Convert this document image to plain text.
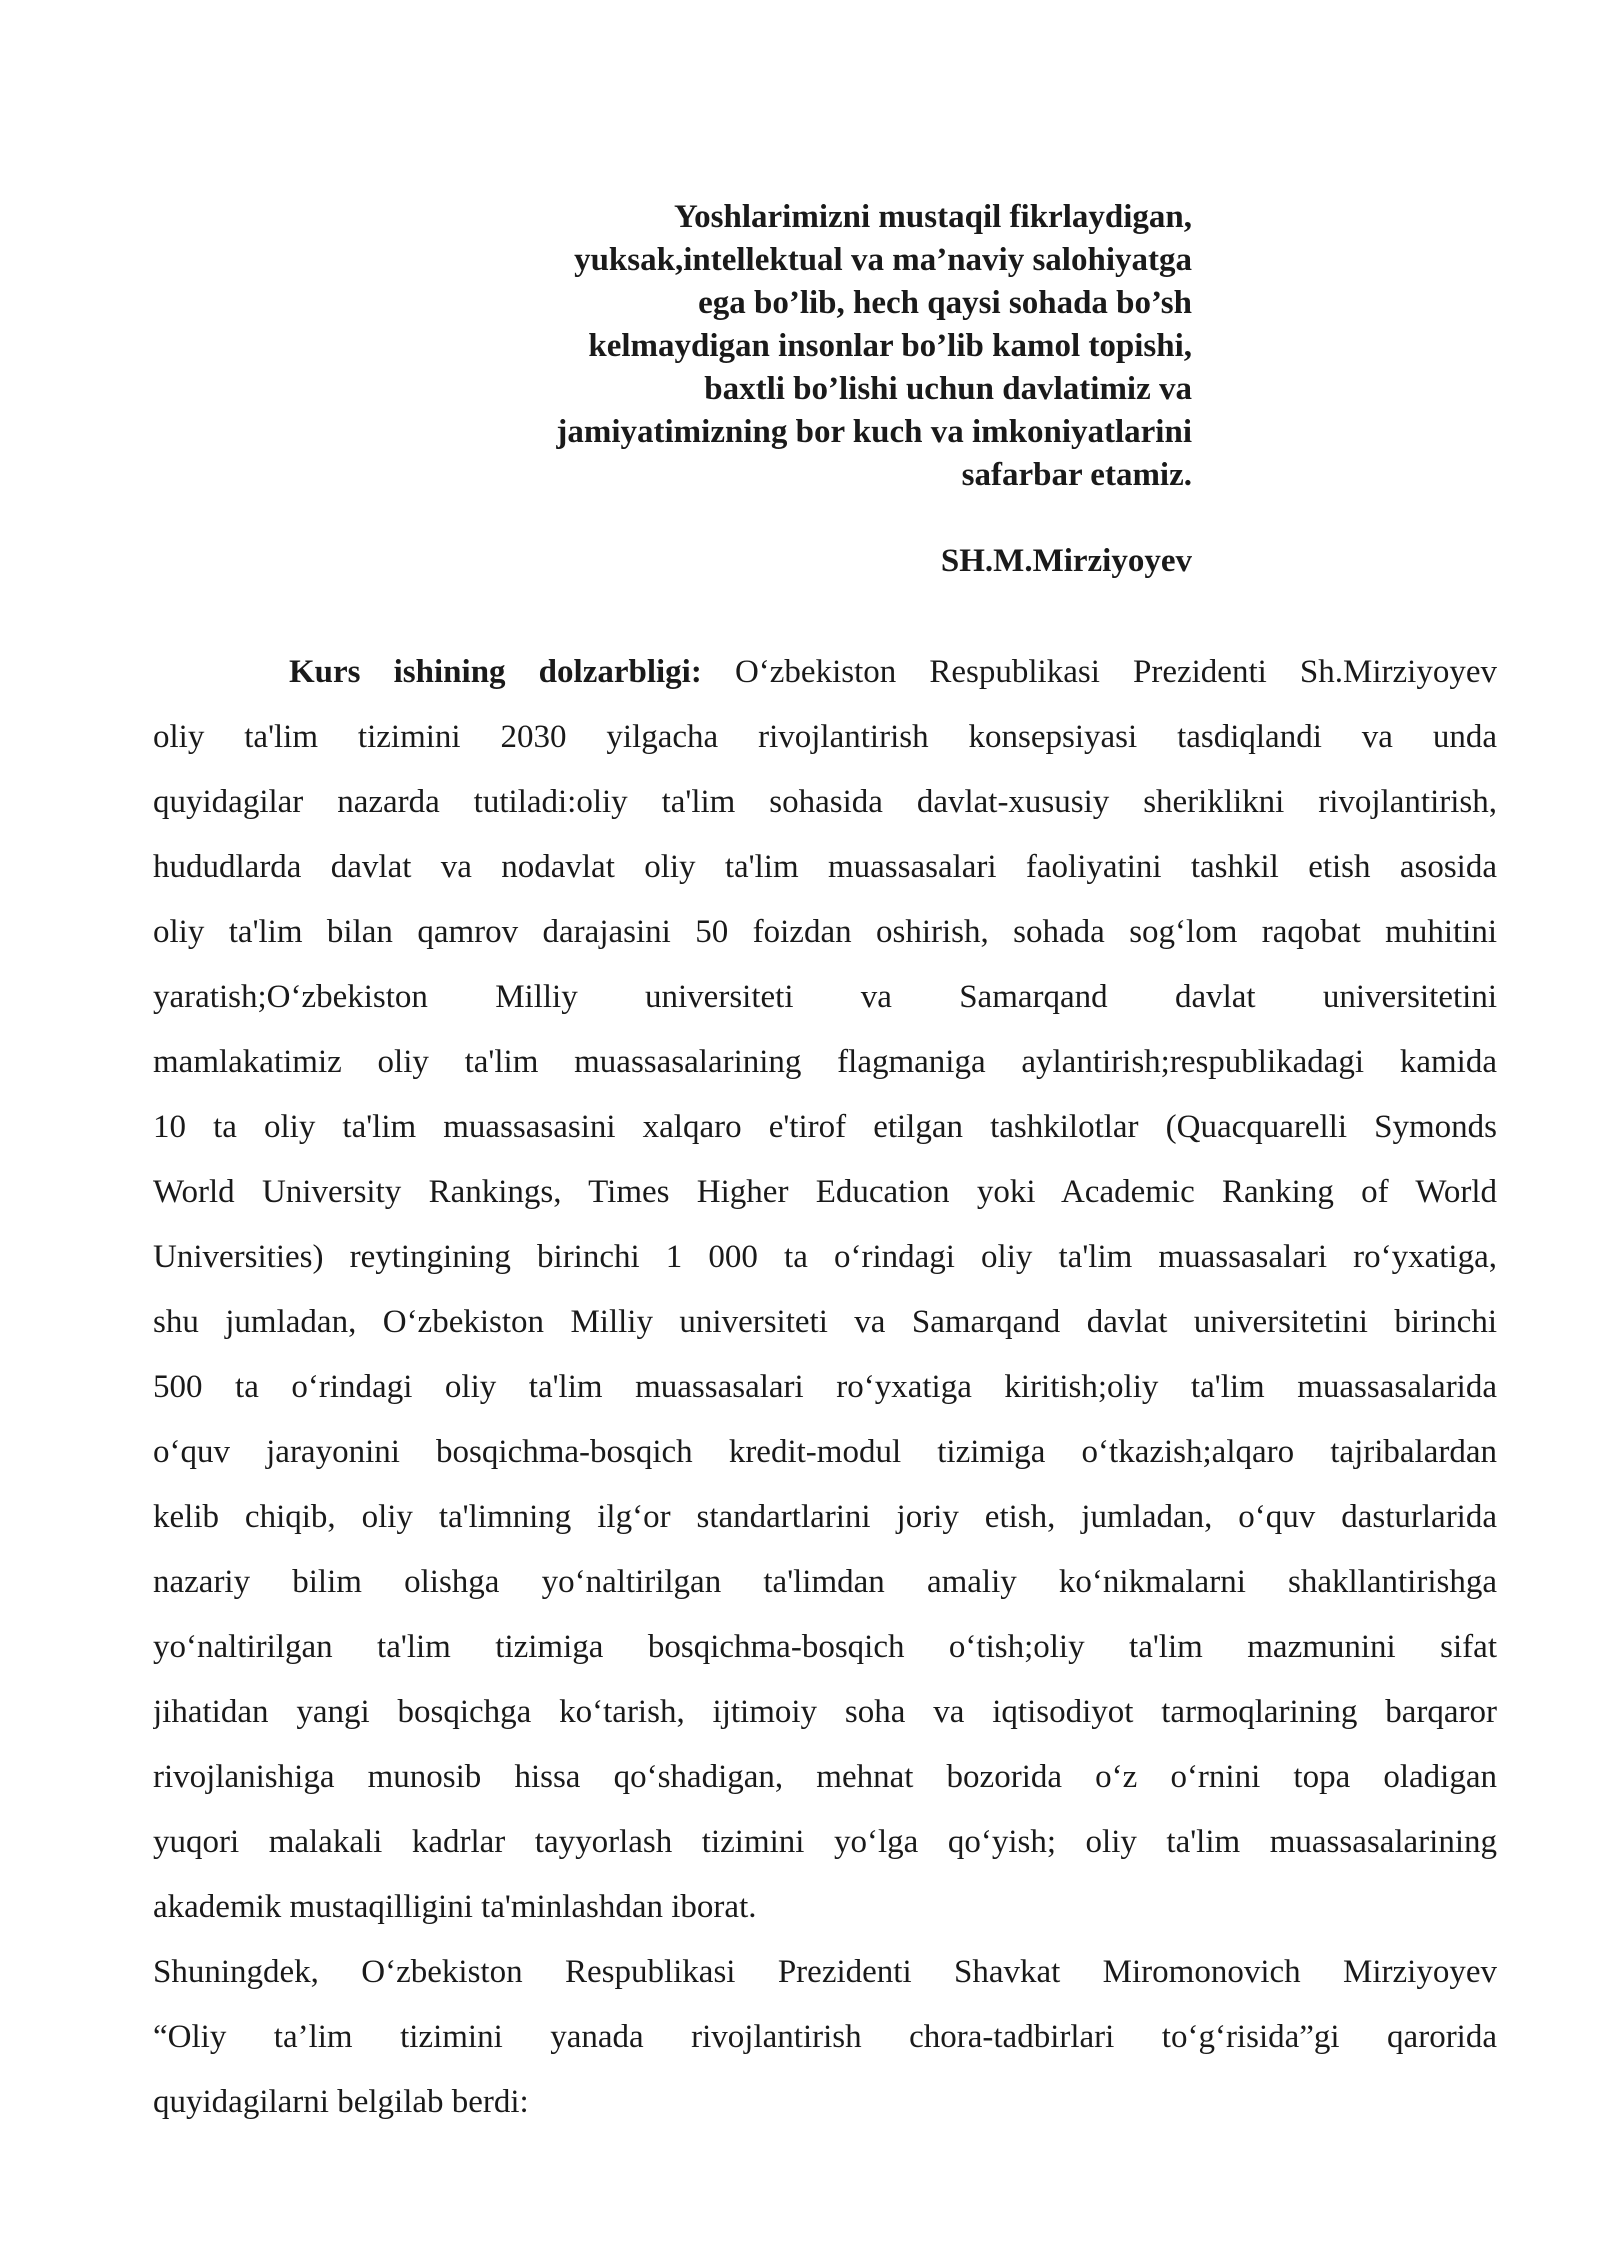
Yoshlarimizni mustaqil fikrlaydigan,
yuksak,intellektual va ma’naviy salohiyatga
ega bo’lib, hech qaysi sohada bo’sh
kelmaydigan insonlar bo’lib kamol topishi,
baxtli bo’lishi uchun davlatimiz va
jamiyatimizning bor kuch va imkoniyatlarini
safarbar etamiz.
SH.M.Mirziyoyev
Kurs ishining dolzarbligi: O‘zbekiston Respublikasi Prezidenti Sh.Mirziyoyev
oliy ta'lim tizimini 2030 yilgacha rivojlantirish konsepsiyasi tasdiqlandi va unda
quyidagilar nazarda tutiladi:oliy ta'lim sohasida davlat-xususiy sheriklikni rivojlantirish,
hududlarda davlat va nodavlat oliy ta'lim muassasalari faoliyatini tashkil etish asosida
oliy ta'lim bilan qamrov darajasini 50 foizdan oshirish, sohada sog‘lom raqobat muhitini
yaratish;O‘zbekiston Milliy universiteti va Samarqand davlat universitetini
mamlakatimiz oliy ta'lim muassasalarining flagmaniga aylantirish;respublikadagi kamida
10 ta oliy ta'lim muassasasini xalqaro e'tirof etilgan tashkilotlar (Quacquarelli Symonds
World University Rankings, Times Higher Education yoki Academic Ranking of World
Universities) reytingining birinchi 1 000 ta o‘rindagi oliy ta'lim muassasalari ro‘yxatiga,
shu jumladan, O‘zbekiston Milliy universiteti va Samarqand davlat universitetini birinchi
500 ta o‘rindagi oliy ta'lim muassasalari ro‘yxatiga kiritish;oliy ta'lim muassasalarida
o‘quv jarayonini bosqichma-bosqich kredit-modul tizimiga o‘tkazish;alqaro tajribalardan
kelib chiqib, oliy ta'limning ilg‘or standartlarini joriy etish, jumladan, o‘quv dasturlarida
nazariy bilim olishga yo‘naltirilgan ta'limdan amaliy ko‘nikmalarni shakllantirishga
yo‘naltirilgan ta'lim tizimiga bosqichma-bosqich o‘tish;oliy ta'lim mazmunini sifat
jihatidan yangi bosqichga ko‘tarish, ijtimoiy soha va iqtisodiyot tarmoqlarining barqaror
rivojlanishiga munosib hissa qo‘shadigan, mehnat bozorida o‘z o‘rnini topa oladigan
yuqori malakali kadrlar tayyorlash tizimini yo‘lga qo‘yish; oliy ta'lim muassasalarining
akademik mustaqilligini ta'minlashdan iborat.
Shuningdek, O‘zbekiston Respublikasi Prezidenti Shavkat Miromonovich Mirziyoyev
“Oliy ta’lim tizimini yanada rivojlantirish chora-tadbirlari to‘g‘risida”gi qarorida
quyidagilarni belgilab berdi:
